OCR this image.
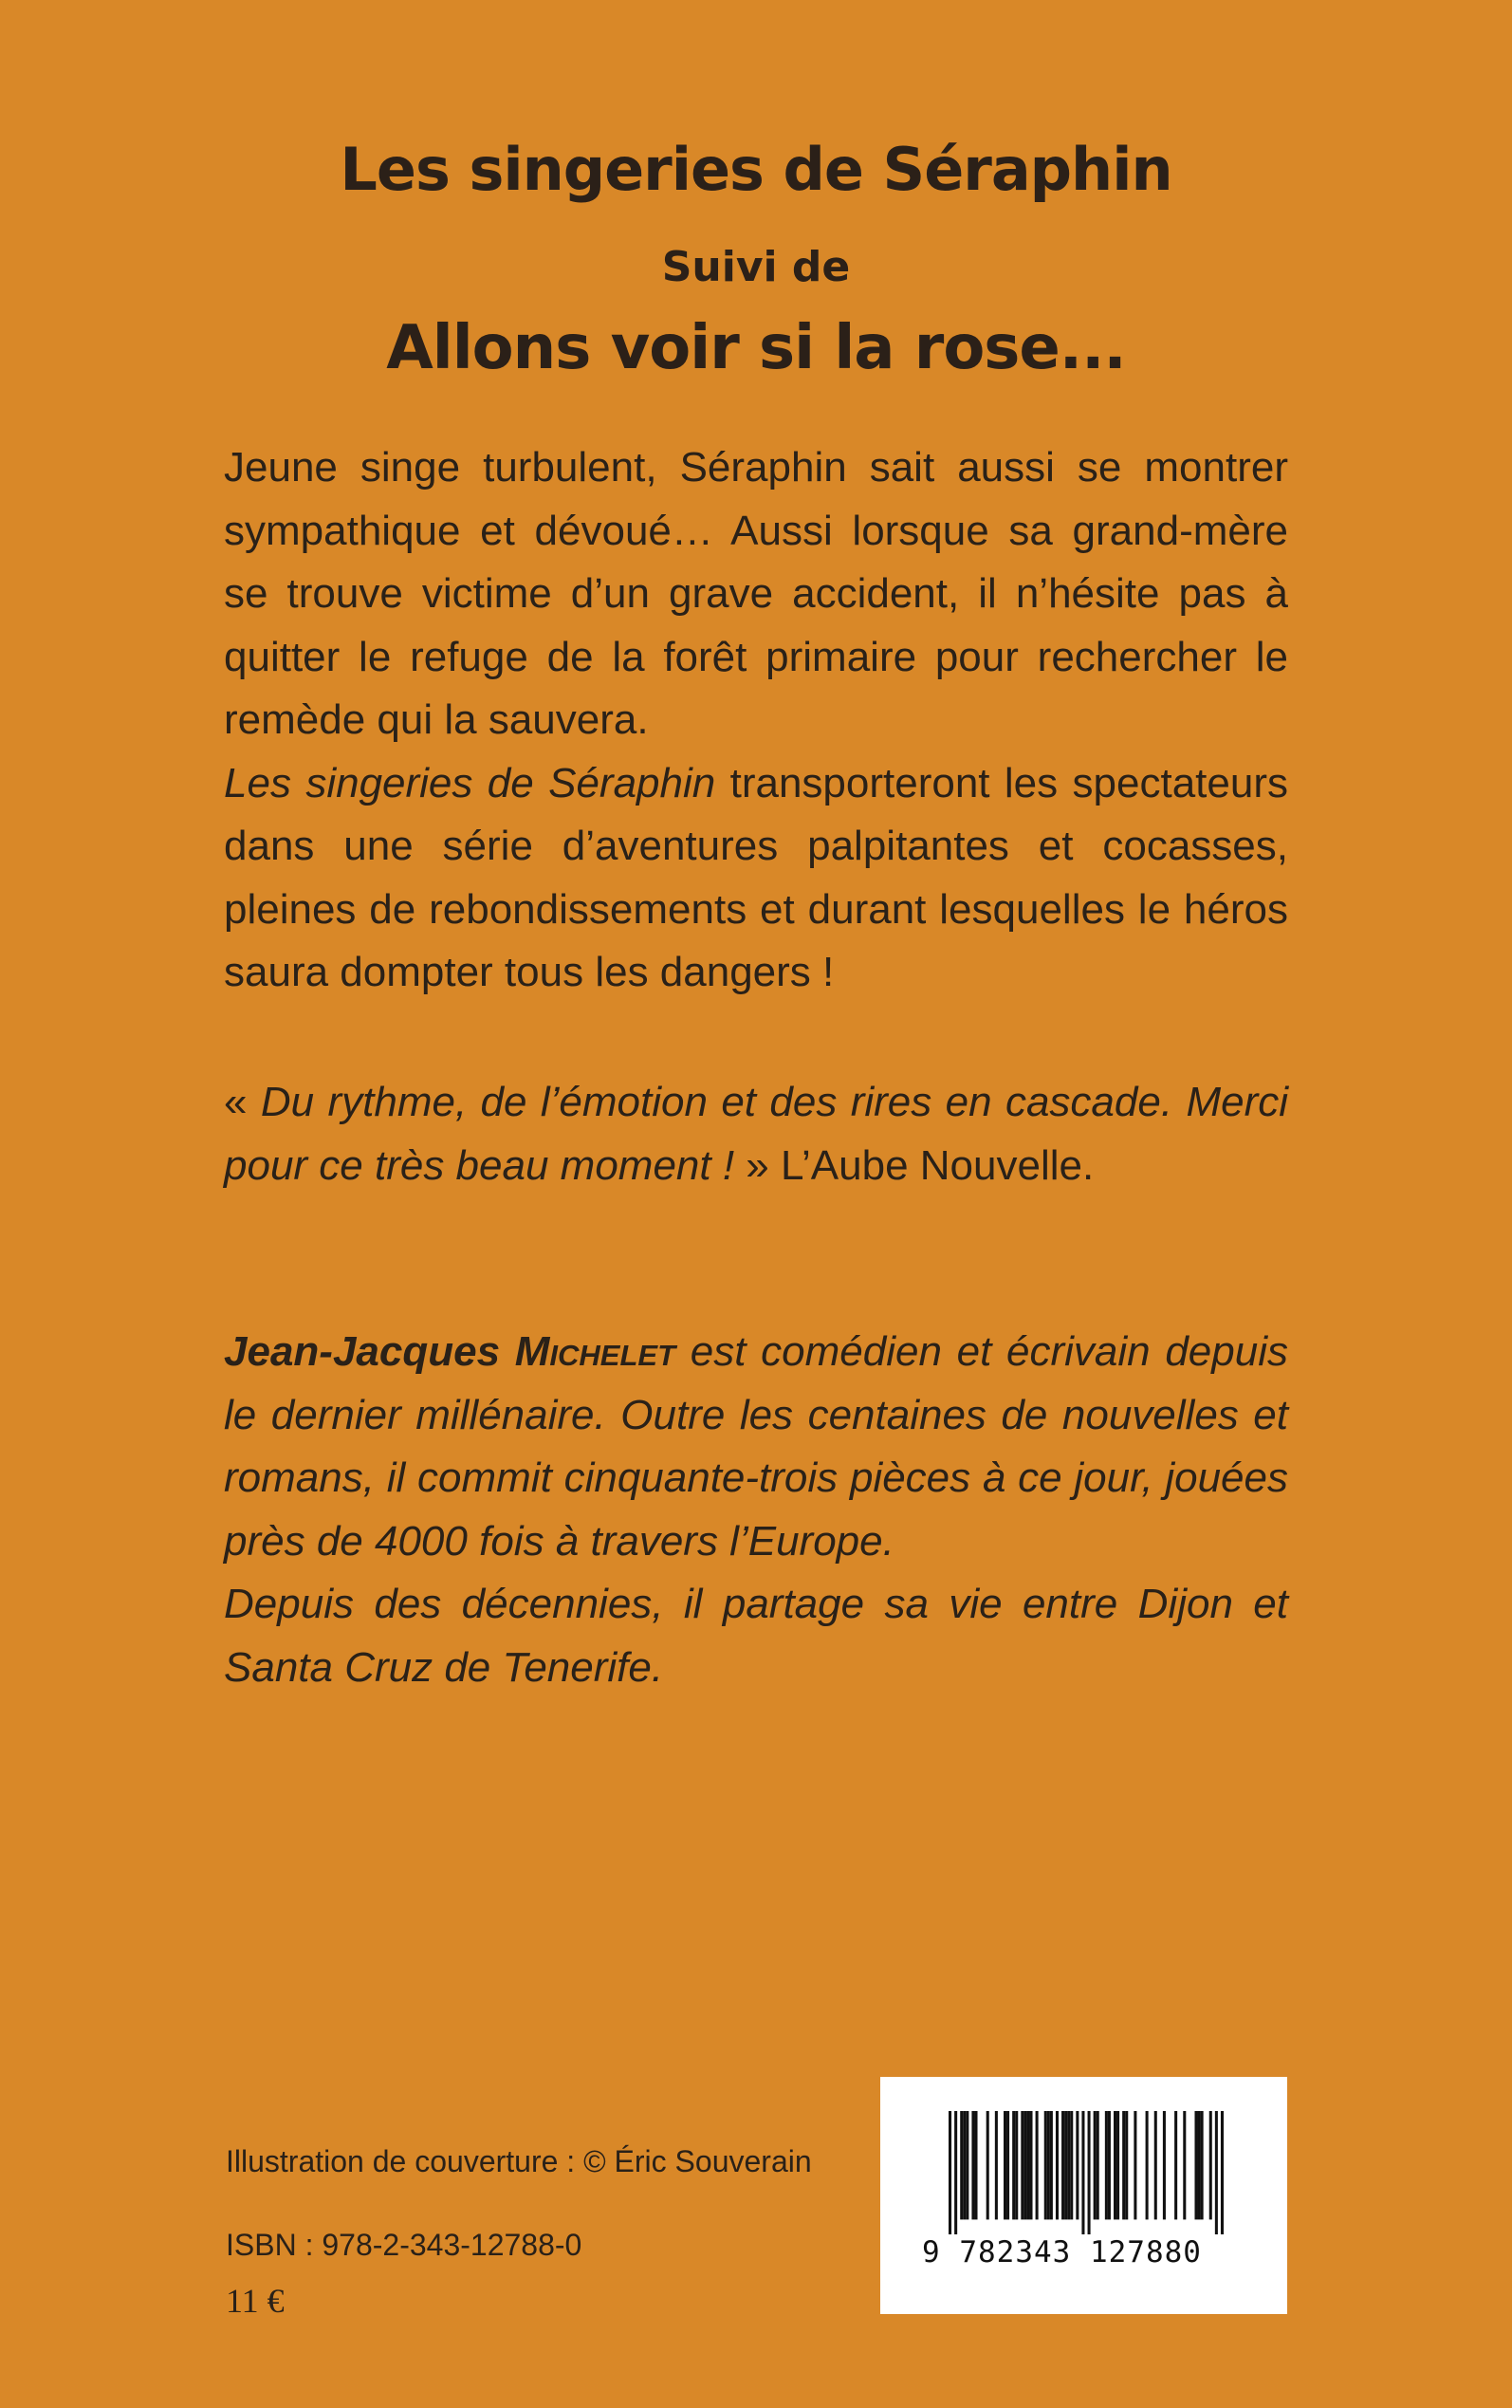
Les singeries de Séraphin
Suivi de
Allons voir si la rose...

Jeune singe turbulent, Séraphin sait aussi se montrer sympathique et dévoué… Aussi lorsque sa grand-mère se trouve victime d’un grave accident, il n’hésite pas à quitter le refuge de la forêt primaire pour rechercher le remède qui la sauvera.

Les singeries de Séraphin transporteront les spectateurs dans une série d’aventures palpitantes et cocasses, pleines de rebondissements et durant lesquelles le héros saura dompter tous les dangers !

« Du rythme, de l’émotion et des rires en cascade. Merci pour ce très beau moment ! » L’Aube Nouvelle.

Jean-Jacques Michelet est comédien et écrivain depuis le dernier millénaire. Outre les centaines de nouvelles et romans, il commit cinquante-trois pièces à ce jour, jouées près de 4000 fois à travers l’Europe.

Depuis des décennies, il partage sa vie entre Dijon et Santa Cruz de Tenerife.

Illustration de couverture : © Éric Souverain
ISBN : 978-2-343-12788-0
11 €
9 782343 127880
